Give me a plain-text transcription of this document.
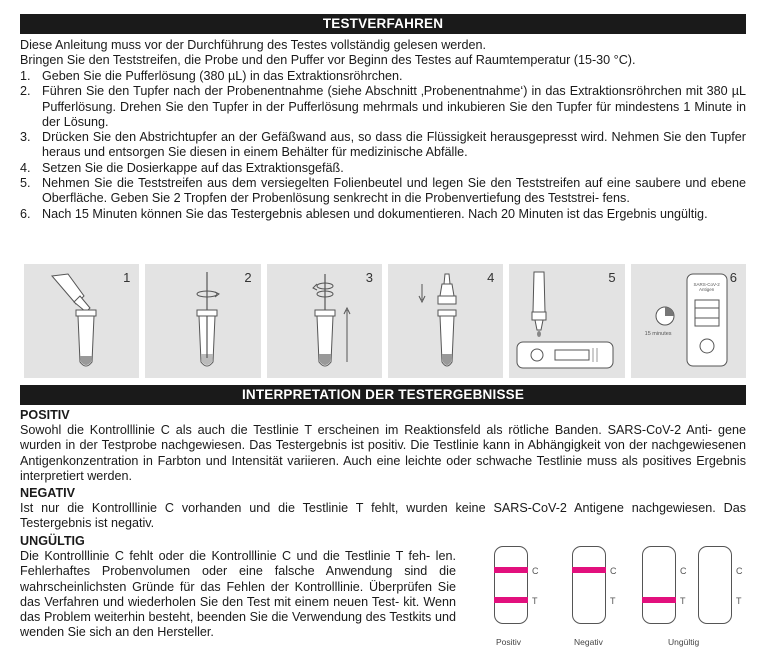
TESTVERFAHREN
Diese Anleitung muss vor der Durchführung des Testes vollständig gelesen werden.
Bringen Sie den Teststreifen, die Probe und den Puffer vor Beginn des Testes auf Raumtemperatur (15-30 °C).
1. Geben Sie die Pufferlösung (380 µL) in das Extraktionsröhrchen.
2. Führen Sie den Tupfer nach der Probenentnahme (siehe Abschnitt ‚Probenentnahme‘) in das Extraktionsröhrchen mit 380 µL Pufferlösung. Drehen Sie den Tupfer in der Pufferlösung mehrmals und inkubieren Sie den Tupfer für mindestens 1 Minute in der Lösung.
3. Drücken Sie den Abstrichtupfer an der Gefäßwand aus, so dass die Flüssigkeit herausgepresst wird. Nehmen Sie den Tupfer heraus und entsorgen Sie diesen in einem Behälter für medizinische Abfälle.
4. Setzen Sie die Dosierkappe auf das Extraktionsgefäß.
5. Nehmen Sie die Teststreifen aus dem versiegelten Folienbeutel und legen Sie den Teststreifen auf eine saubere und ebene Oberfläche. Geben Sie 2 Tropfen der Probenlösung senkrecht in die Probenvertiefung des Teststrei- fens.
6. Nach 15 Minuten können Sie das Testergebnis ablesen und dokumentieren. Nach 20 Minuten ist das Ergebnis ungültig.
1	2	3	4	5	6
15 minutes
SARS-CoV-2 Antigen
INTERPRETATION DER TESTERGEBNISSE
POSITIV
Sowohl die Kontrolllinie C als auch die Testlinie T erscheinen im Reaktionsfeld als rötliche Banden. SARS-CoV-2 Anti- gene wurden in der Testprobe nachgewiesen. Das Testergebnis ist positiv. Die Testlinie kann in Abhängigkeit von der nachgewiesenen Antigenkonzentration in Farbton und Intensität variieren. Auch eine leichte oder schwache Testlinie muss als positives Ergebnis interpretiert werden.
NEGATIV
Ist nur die Kontrolllinie C vorhanden und die Testlinie T fehlt, wurden keine SARS-CoV-2 Antigene nachgewiesen. Das Testergebnis ist negativ.
UNGÜLTIG
Die Kontrolllinie C fehlt oder die Kontrolllinie C und die Testlinie T feh- len. Fehlerhaftes Probenvolumen oder eine falsche Anwendung sind die wahrscheinlichsten Gründe für das Fehlen der Kontrolllinie. Überprüfen Sie das Verfahren und wiederholen Sie den Test mit einem neuen Test- kit. Wenn das Problem weiterhin besteht, beenden Sie die Verwendung des Testkits und wenden Sie sich an den Hersteller.
C
T
Positiv
C
T
Negativ
C
T
C
T
Ungültig
